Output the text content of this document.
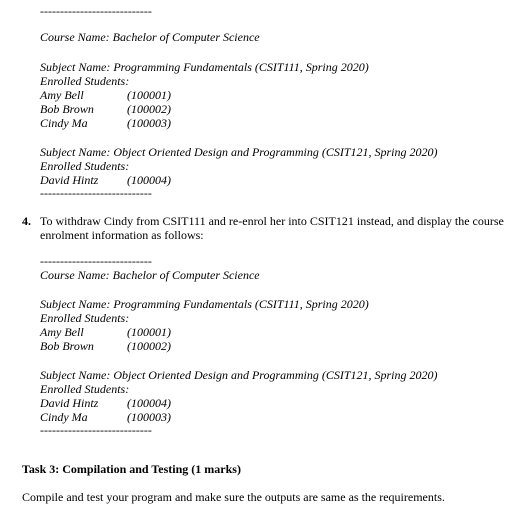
----------------------------
Course Name: Bachelor of Computer Science
Subject Name: Programming Fundamentals (CSIT111, Spring 2020)
Enrolled Students:
Amy Bell	(100001)
Bob Brown	(100002)
Cindy Ma	(100003)
Subject Name: Object Oriented Design and Programming (CSIT121, Spring 2020)
Enrolled Students:
David Hintz (100004)
----------------------------
4. To withdraw Cindy from CSIT111 and re-enrol her into CSIT121 instead, and display the course
enrolment information as follows:
----------------------------
Course Name: Bachelor of Computer Science
Subject Name: Programming Fundamentals (CSIT111, Spring 2020)
Enrolled Students:
Amy Bell	(100001)
Bob Brown	(100002)
Subject Name: Object Oriented Design and Programming (CSIT121, Spring 2020)
Enrolled Students:
David Hintz (100004)
Cindy Ma	(100003)
----------------------------
Task 3: Compilation and Testing (1 marks)
Compile and test your program and make sure the outputs are same as the requirements.
